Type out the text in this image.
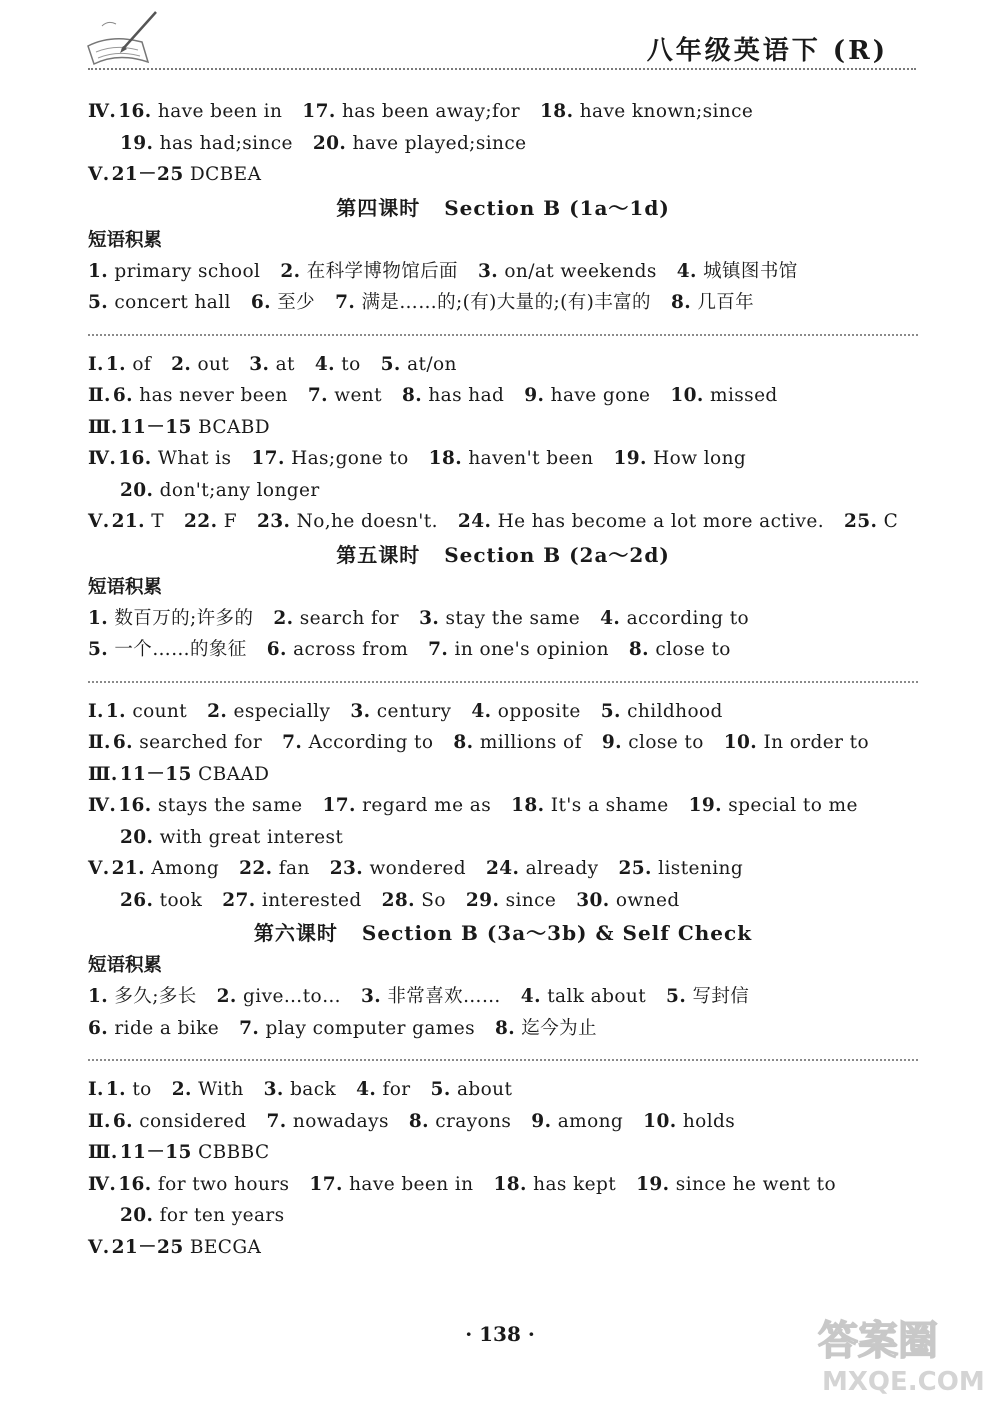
八年级英语下 (R)
Ⅳ. 16. have been in 17. has been away;for 18. have known;since
19. has had;since 20. have played;since
Ⅴ. 21－25 DCBEA
第四课时 Section B (1a～1d)
短语积累
1. primary school 2. 在科学博物馆后面 3. on/at weekends 4. 城镇图书馆
5. concert hall 6. 至少 7. 满是……的;(有)大量的;(有)丰富的 8. 几百年
Ⅰ. 1. of 2. out 3. at 4. to 5. at/on
Ⅱ. 6. has never been 7. went 8. has had 9. have gone 10. missed
Ⅲ. 11－15 BCABD
Ⅳ. 16. What is 17. Has;gone to 18. haven't been 19. How long
20. don't;any longer
Ⅴ. 21. T 22. F 23. No,he doesn't. 24. He has become a lot more active. 25. C
第五课时 Section B (2a～2d)
短语积累
1. 数百万的;许多的 2. search for 3. stay the same 4. according to
5. 一个……的象征 6. across from 7. in one's opinion 8. close to
Ⅰ. 1. count 2. especially 3. century 4. opposite 5. childhood
Ⅱ. 6. searched for 7. According to 8. millions of 9. close to 10. In order to
Ⅲ. 11－15 CBAAD
Ⅳ. 16. stays the same 17. regard me as 18. It's a shame 19. special to me
20. with great interest
Ⅴ. 21. Among 22. fan 23. wondered 24. already 25. listening
26. took 27. interested 28. So 29. since 30. owned
第六课时 Section B (3a～3b) & Self Check
短语积累
1. 多久;多长 2. give…to… 3. 非常喜欢…… 4. talk about 5. 写封信
6. ride a bike 7. play computer games 8. 迄今为止
Ⅰ. 1. to 2. With 3. back 4. for 5. about
Ⅱ. 6. considered 7. nowadays 8. crayons 9. among 10. holds
Ⅲ. 11－15 CBBBC
Ⅳ. 16. for two hours 17. have been in 18. has kept 19. since he went to
20. for ten years
Ⅴ. 21－25 BECGA
· 138 ·	答案圈
MXQE.COM
